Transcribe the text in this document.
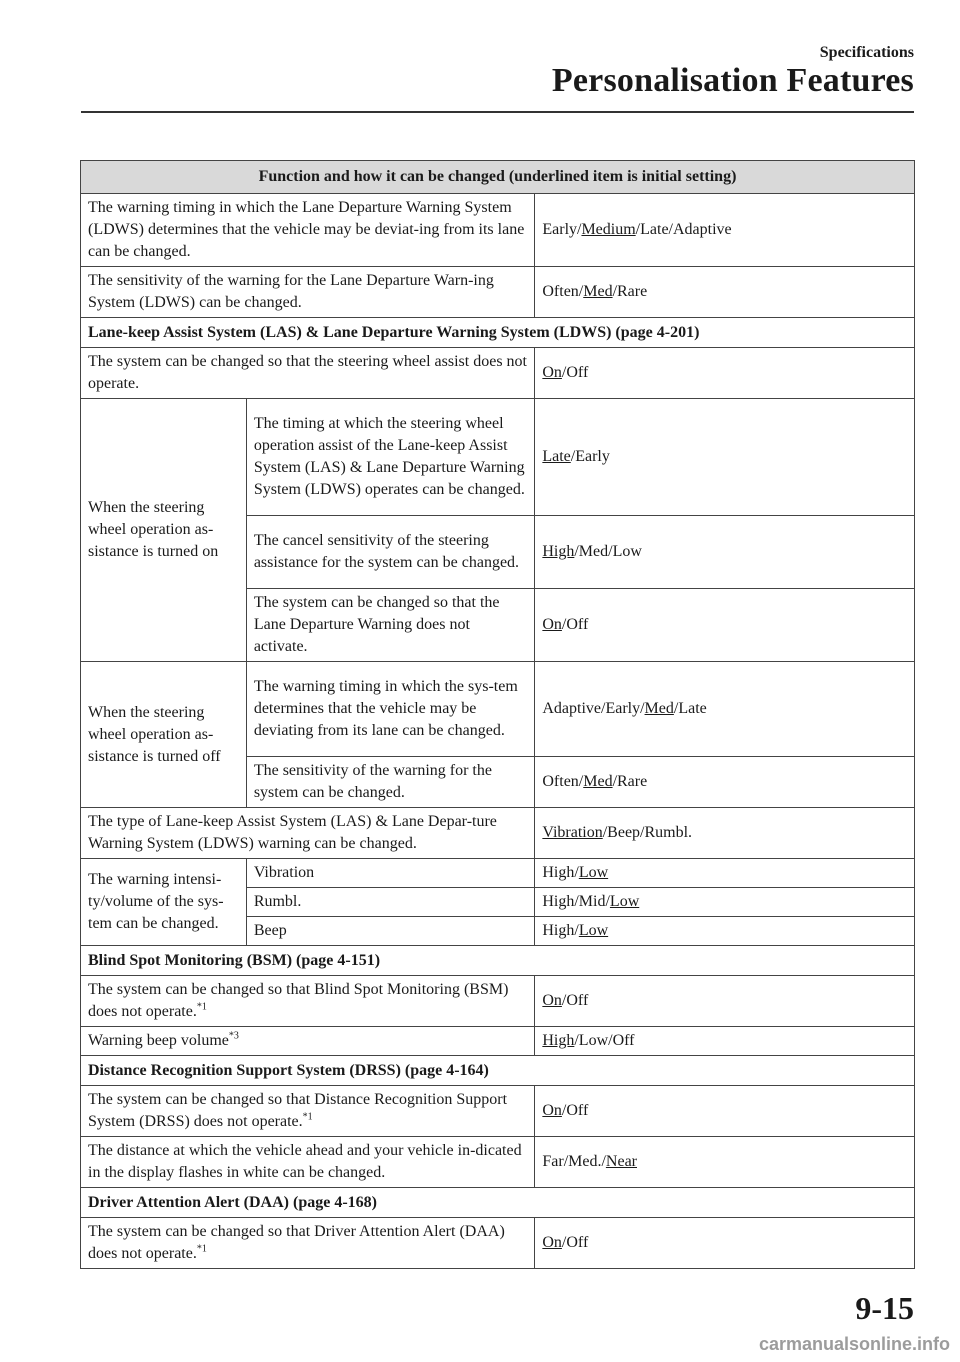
Specifications
Personalisation Features
Function and how it can be changed (underlined item is initial setting)		
The warning timing in which the Lane Departure Warning System (LDWS) determines that the vehicle may be deviat-ing from its lane can be changed.		Early/Medium/Late/Adaptive
The sensitivity of the warning for the Lane Departure Warn-ing System (LDWS) can be changed.		Often/Med/Rare
Lane-keep Assist System (LAS) & Lane Departure Warning System (LDWS) (page 4-201)		
The system can be changed so that the steering wheel assist does not operate.		On/Off
When the steering wheel operation as-sistance is turned on	The timing at which the steering wheel operation assist of the Lane-keep Assist System (LAS) & Lane Departure Warning System (LDWS) operates can be changed.	Late/Early
	The cancel sensitivity of the steering assistance for the system can be changed.	High/Med/Low
	The system can be changed so that the Lane Departure Warning does not activate.	On/Off
When the steering wheel operation as-sistance is turned off	The warning timing in which the sys-tem determines that the vehicle may be deviating from its lane can be changed.	Adaptive/Early/Med/Late
	The sensitivity of the warning for the system can be changed.	Often/Med/Rare
The type of Lane-keep Assist System (LAS) & Lane Depar-ture Warning System (LDWS) warning can be changed.		Vibration/Beep/Rumbl.
The warning intensi-ty/volume of the sys-tem can be changed.	Vibration	High/Low
	Rumbl.	High/Mid/Low
	Beep	High/Low
Blind Spot Monitoring (BSM) (page 4-151)		
The system can be changed so that Blind Spot Monitoring (BSM) does not operate.$^{*1}$		On/Off
Warning beep volume$^{*3}$		High/Low/Off
Distance Recognition Support System (DRSS) (page 4-164)		
The system can be changed so that Distance Recognition Support System (DRSS) does not operate.$^{*1}$		On/Off
The distance at which the vehicle ahead and your vehicle in-dicated in the display flashes in white can be changed.		Far/Med./Near
Driver Attention Alert (DAA) (page 4-168)		
The system can be changed so that Driver Attention Alert (DAA) does not operate.$^{*1}$		On/Off
9-15
carmanualsonline.info
